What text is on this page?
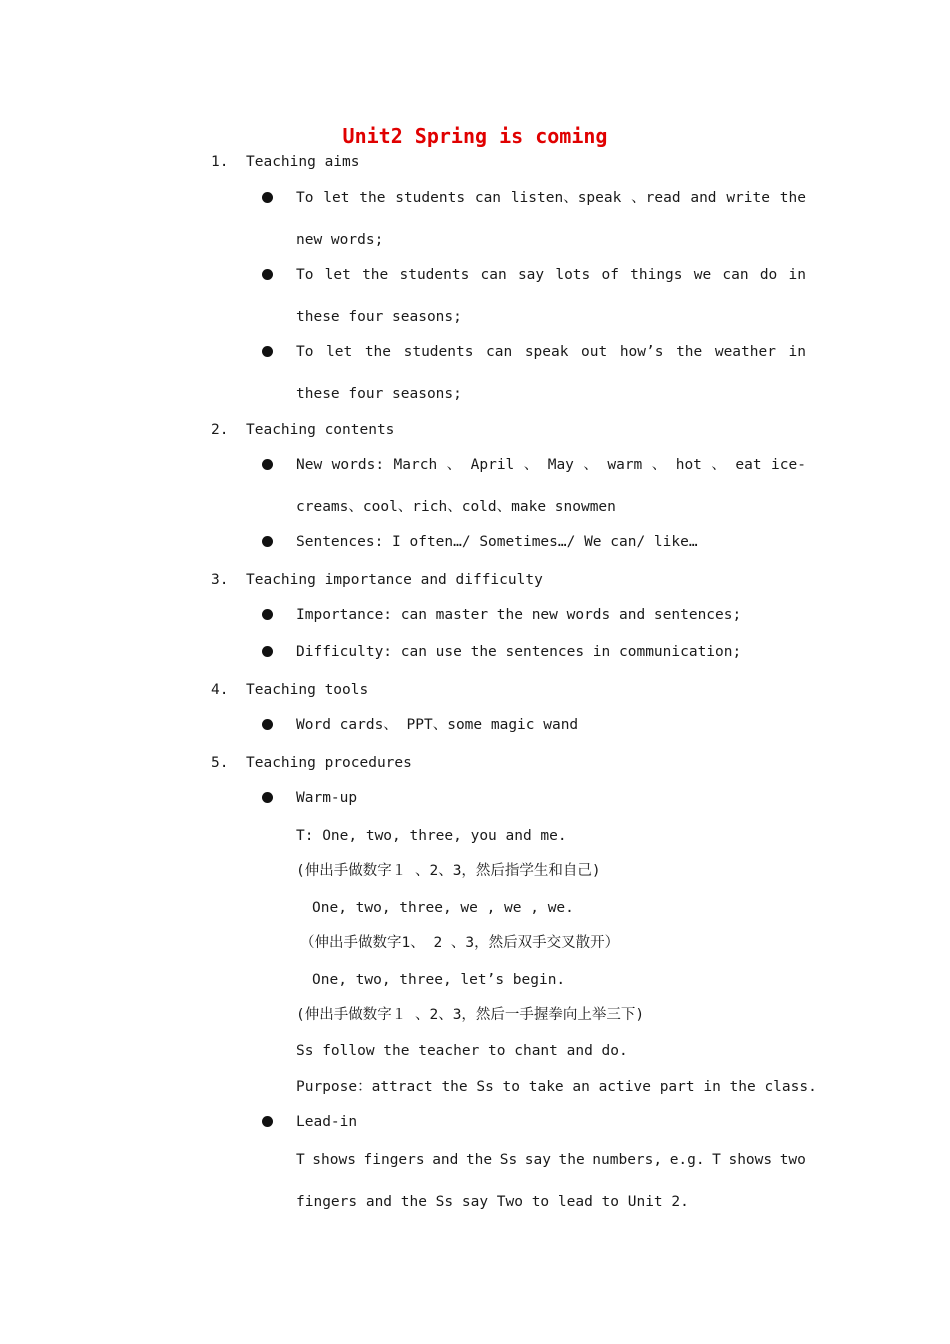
Unit2 Spring is coming
1. Teaching aims
To let the students can listen、speak 、read and write the
new words;
To let the students can say lots of things we can do in
these four seasons;
To let the students can speak out how’s the weather in
these four seasons;
2. Teaching contents
New words: March 、 April 、 May 、 warm 、 hot 、 eat ice-
creams、cool、rich、cold、make snowmen
Sentences: I often…/ Sometimes…/ We can/ like…
3. Teaching importance and difficulty
Importance: can master the new words and sentences;
Difficulty: can use the sentences in communication;
4. Teaching tools
Word cards、 PPT、some magic wand
5. Teaching procedures
Warm-up
T: One, two, three, you and me.
(伸出手做数字１ 、2、3，然后指学生和自己)
One, two, three, we , we , we.
（伸出手做数字1、 2 、3，然后双手交叉散开）
One, two, three, let’s begin.
(伸出手做数字１ 、2、3，然后一手握拳向上举三下)
Ss follow the teacher to chant and do.
Purpose：attract the Ss to take an active part in the class.
Lead-in
T shows fingers and the Ss say the numbers, e.g. T shows two
fingers and the Ss say Two to lead to Unit 2.
